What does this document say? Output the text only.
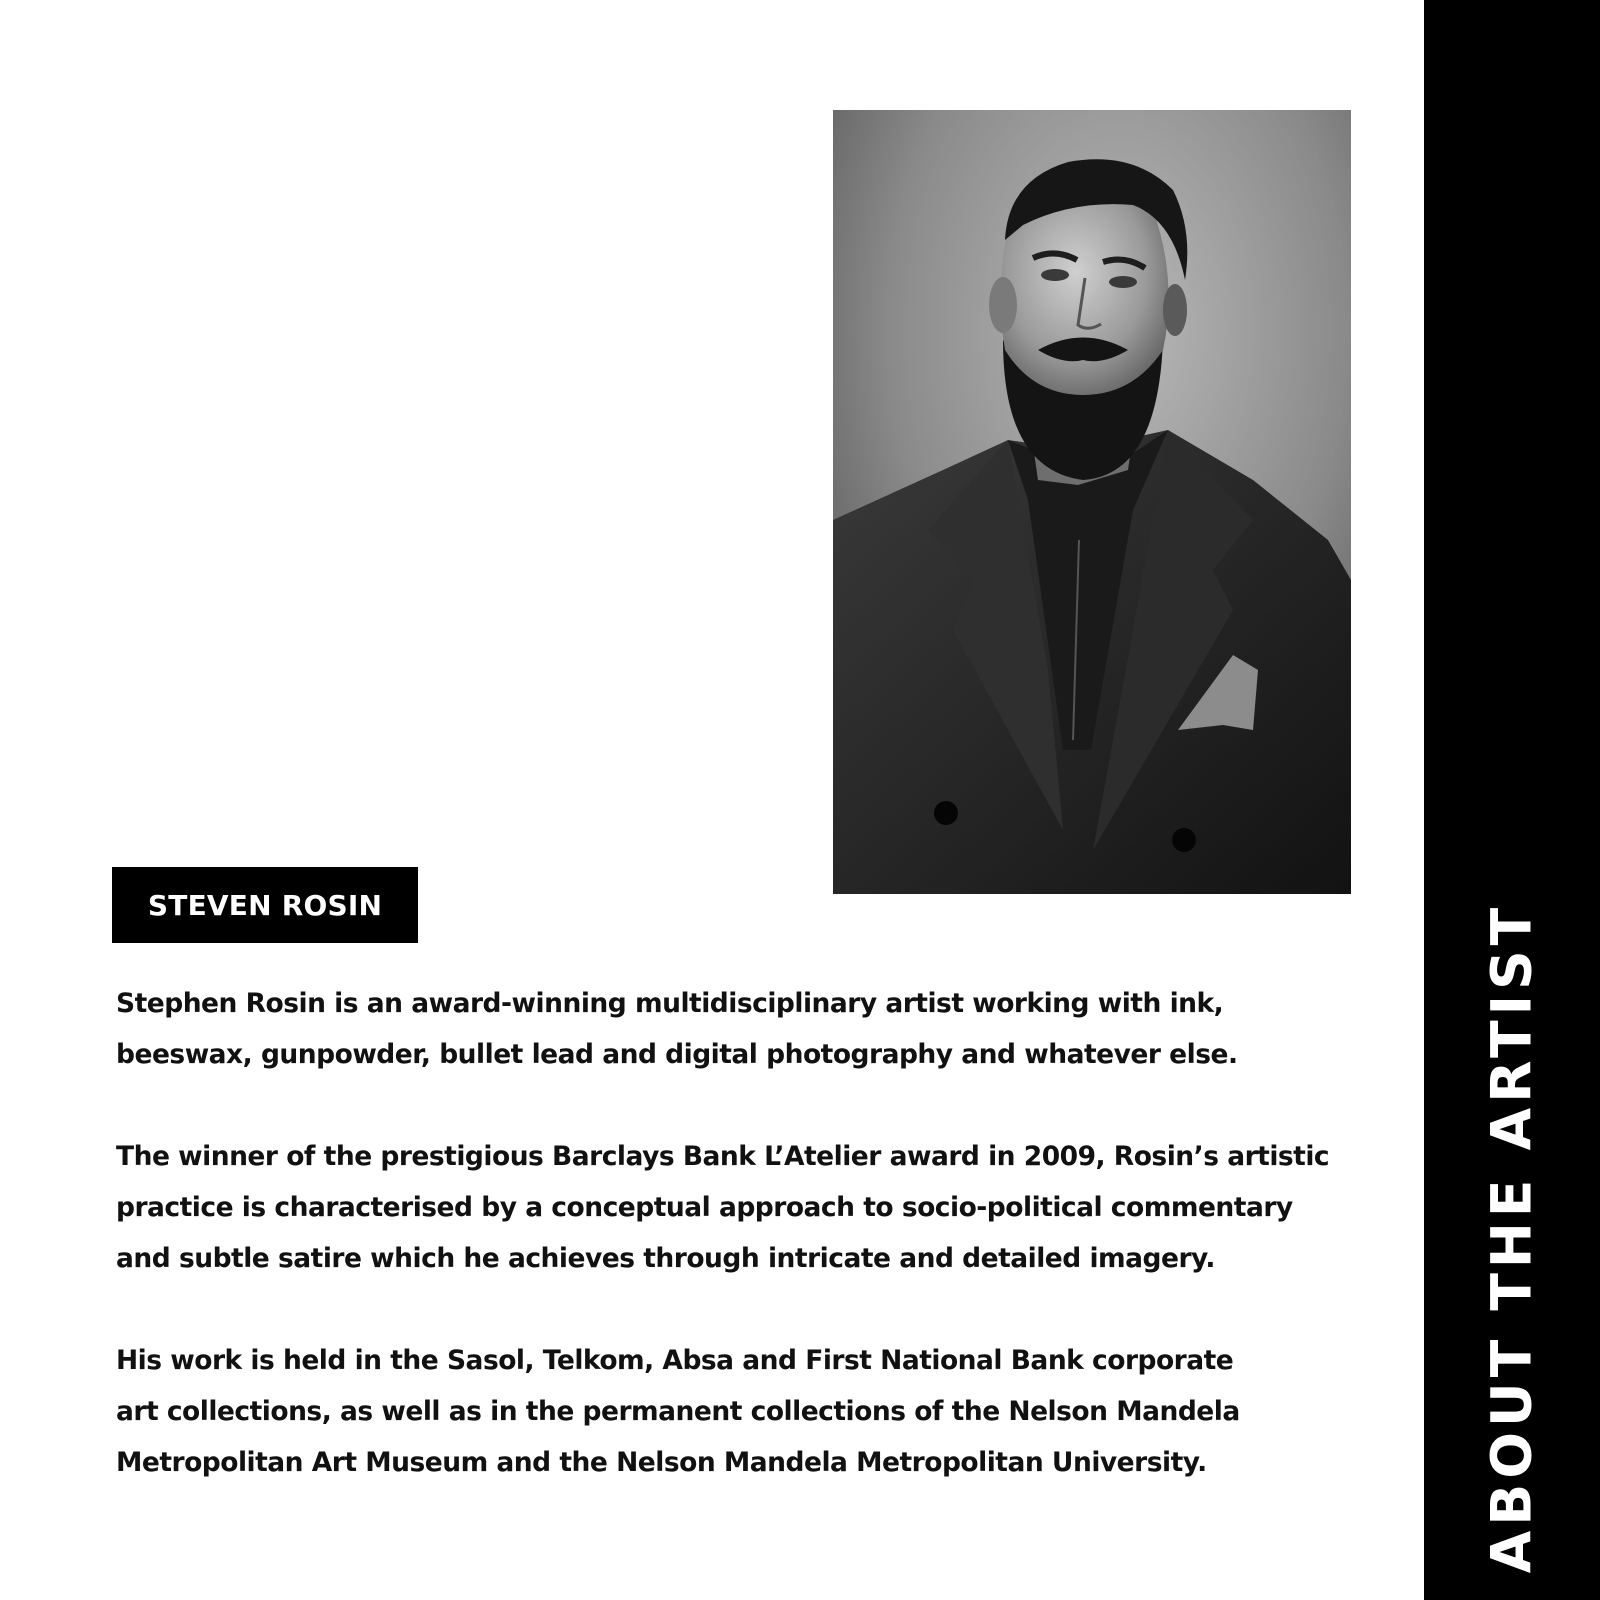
ABOUT THE ARTIST
STEVEN ROSIN

Stephen Rosin is an award-winning multidisciplinary artist working with ink,
beeswax, gunpowder, bullet lead and digital photography and whatever else.

The winner of the prestigious Barclays Bank L’Atelier award in 2009, Rosin’s artistic
practice is characterised by a conceptual approach to socio-political commentary
and subtle satire which he achieves through intricate and detailed imagery.

His work is held in the Sasol, Telkom, Absa and First National Bank corporate
art collections, as well as in the permanent collections of the Nelson Mandela
Metropolitan Art Museum and the Nelson Mandela Metropolitan University.
